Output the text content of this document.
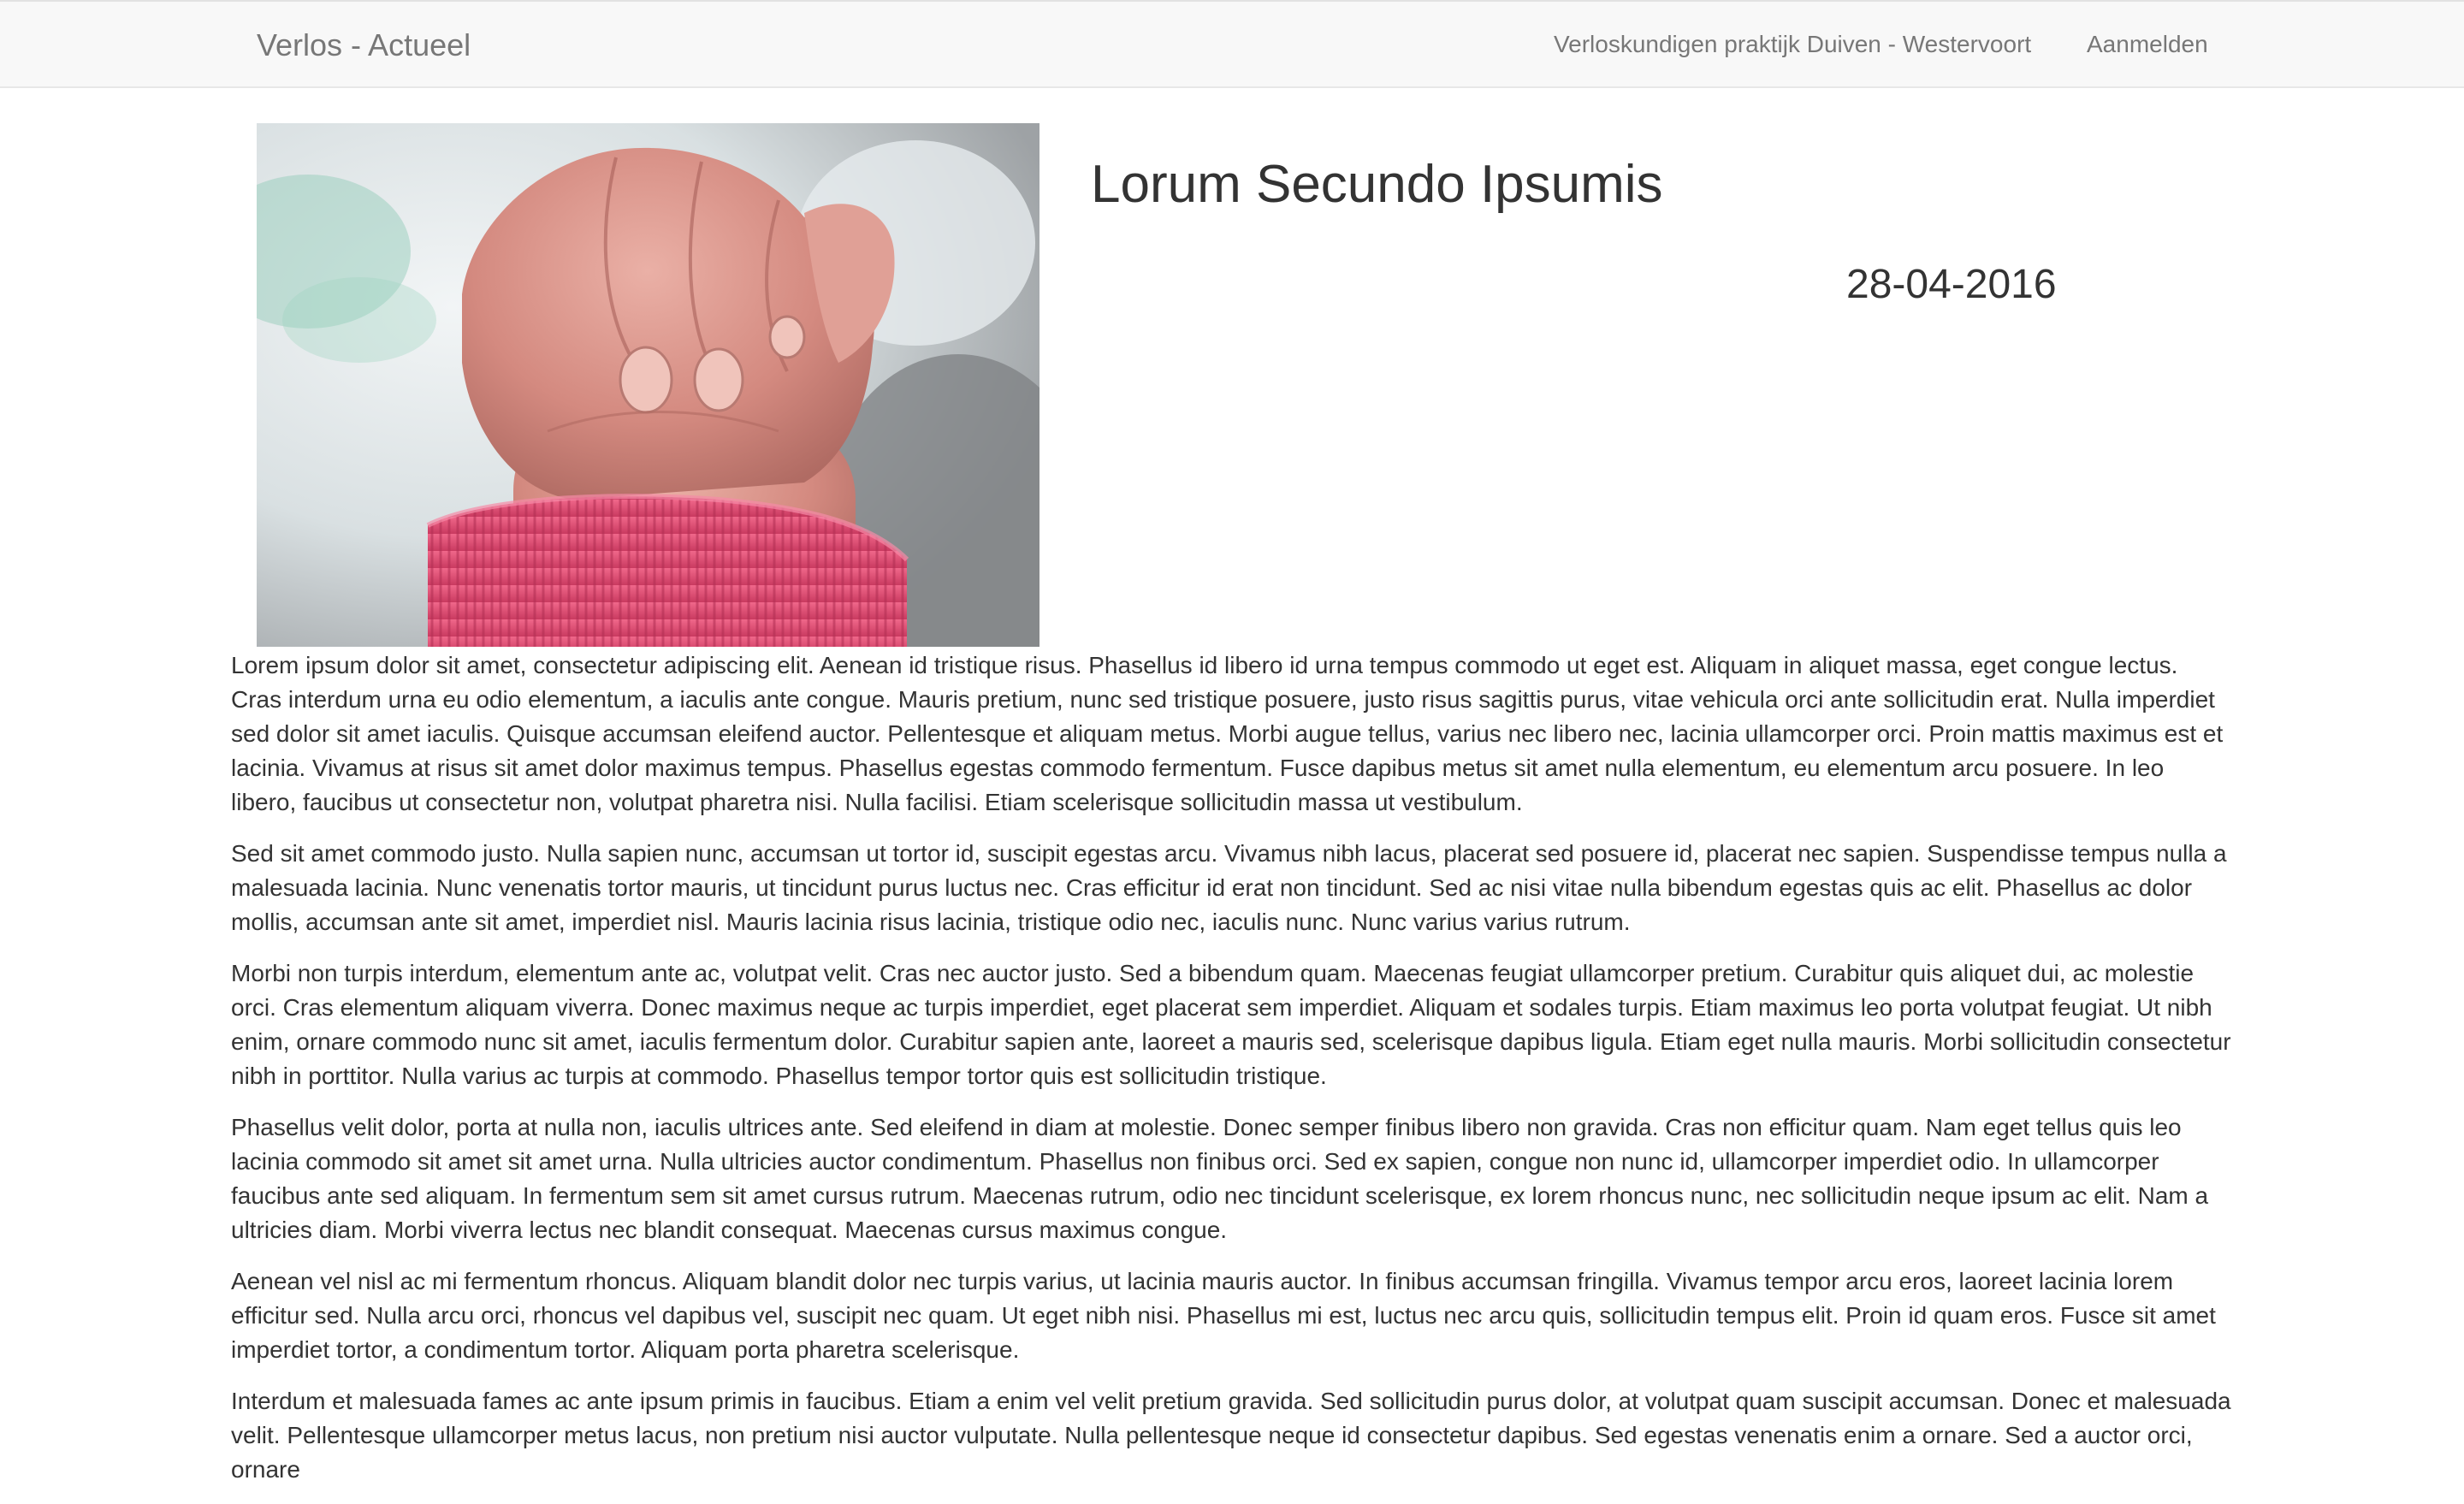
Verlos - Actueel	Verloskundigen praktijk Duiven - Westervoort Aanmelden
Lorum Secundo Ipsumis
28-04-2016

Lorem ipsum dolor sit amet, consectetur adipiscing elit. Aenean id tristique risus. Phasellus id libero id urna tempus commodo ut eget est. Aliquam in aliquet massa, eget congue lectus. Cras interdum urna eu odio elementum, a iaculis ante congue. Mauris pretium, nunc sed tristique posuere, justo risus sagittis purus, vitae vehicula orci ante sollicitudin erat. Nulla imperdiet sed dolor sit amet iaculis. Quisque accumsan eleifend auctor. Pellentesque et aliquam metus. Morbi augue tellus, varius nec libero nec, lacinia ullamcorper orci. Proin mattis maximus est et lacinia. Vivamus at risus sit amet dolor maximus tempus. Phasellus egestas commodo fermentum. Fusce dapibus metus sit amet nulla elementum, eu elementum arcu posuere. In leo libero, faucibus ut consectetur non, volutpat pharetra nisi. Nulla facilisi. Etiam scelerisque sollicitudin massa ut vestibulum.

Sed sit amet commodo justo. Nulla sapien nunc, accumsan ut tortor id, suscipit egestas arcu. Vivamus nibh lacus, placerat sed posuere id, placerat nec sapien. Suspendisse tempus nulla a malesuada lacinia. Nunc venenatis tortor mauris, ut tincidunt purus luctus nec. Cras efficitur id erat non tincidunt. Sed ac nisi vitae nulla bibendum egestas quis ac elit. Phasellus ac dolor mollis, accumsan ante sit amet, imperdiet nisl. Mauris lacinia risus lacinia, tristique odio nec, iaculis nunc. Nunc varius varius rutrum.

Morbi non turpis interdum, elementum ante ac, volutpat velit. Cras nec auctor justo. Sed a bibendum quam. Maecenas feugiat ullamcorper pretium. Curabitur quis aliquet dui, ac molestie orci. Cras elementum aliquam viverra. Donec maximus neque ac turpis imperdiet, eget placerat sem imperdiet. Aliquam et sodales turpis. Etiam maximus leo porta volutpat feugiat. Ut nibh enim, ornare commodo nunc sit amet, iaculis fermentum dolor. Curabitur sapien ante, laoreet a mauris sed, scelerisque dapibus ligula. Etiam eget nulla mauris. Morbi sollicitudin consectetur nibh in porttitor. Nulla varius ac turpis at commodo. Phasellus tempor tortor quis est sollicitudin tristique.

Phasellus velit dolor, porta at nulla non, iaculis ultrices ante. Sed eleifend in diam at molestie. Donec semper finibus libero non gravida. Cras non efficitur quam. Nam eget tellus quis leo lacinia commodo sit amet sit amet urna. Nulla ultricies auctor condimentum. Phasellus non finibus orci. Sed ex sapien, congue non nunc id, ullamcorper imperdiet odio. In ullamcorper faucibus ante sed aliquam. In fermentum sem sit amet cursus rutrum. Maecenas rutrum, odio nec tincidunt scelerisque, ex lorem rhoncus nunc, nec sollicitudin neque ipsum ac elit. Nam a ultricies diam. Morbi viverra lectus nec blandit consequat. Maecenas cursus maximus congue.

Aenean vel nisl ac mi fermentum rhoncus. Aliquam blandit dolor nec turpis varius, ut lacinia mauris auctor. In finibus accumsan fringilla. Vivamus tempor arcu eros, laoreet lacinia lorem efficitur sed. Nulla arcu orci, rhoncus vel dapibus vel, suscipit nec quam. Ut eget nibh nisi. Phasellus mi est, luctus nec arcu quis, sollicitudin tempus elit. Proin id quam eros. Fusce sit amet imperdiet tortor, a condimentum tortor. Aliquam porta pharetra scelerisque.

Interdum et malesuada fames ac ante ipsum primis in faucibus. Etiam a enim vel velit pretium gravida. Sed sollicitudin purus dolor, at volutpat quam suscipit accumsan. Donec et malesuada velit. Pellentesque ullamcorper metus lacus, non pretium nisi auctor vulputate. Nulla pellentesque neque id consectetur dapibus. Sed egestas venenatis enim a ornare. Sed a auctor orci, ornare
